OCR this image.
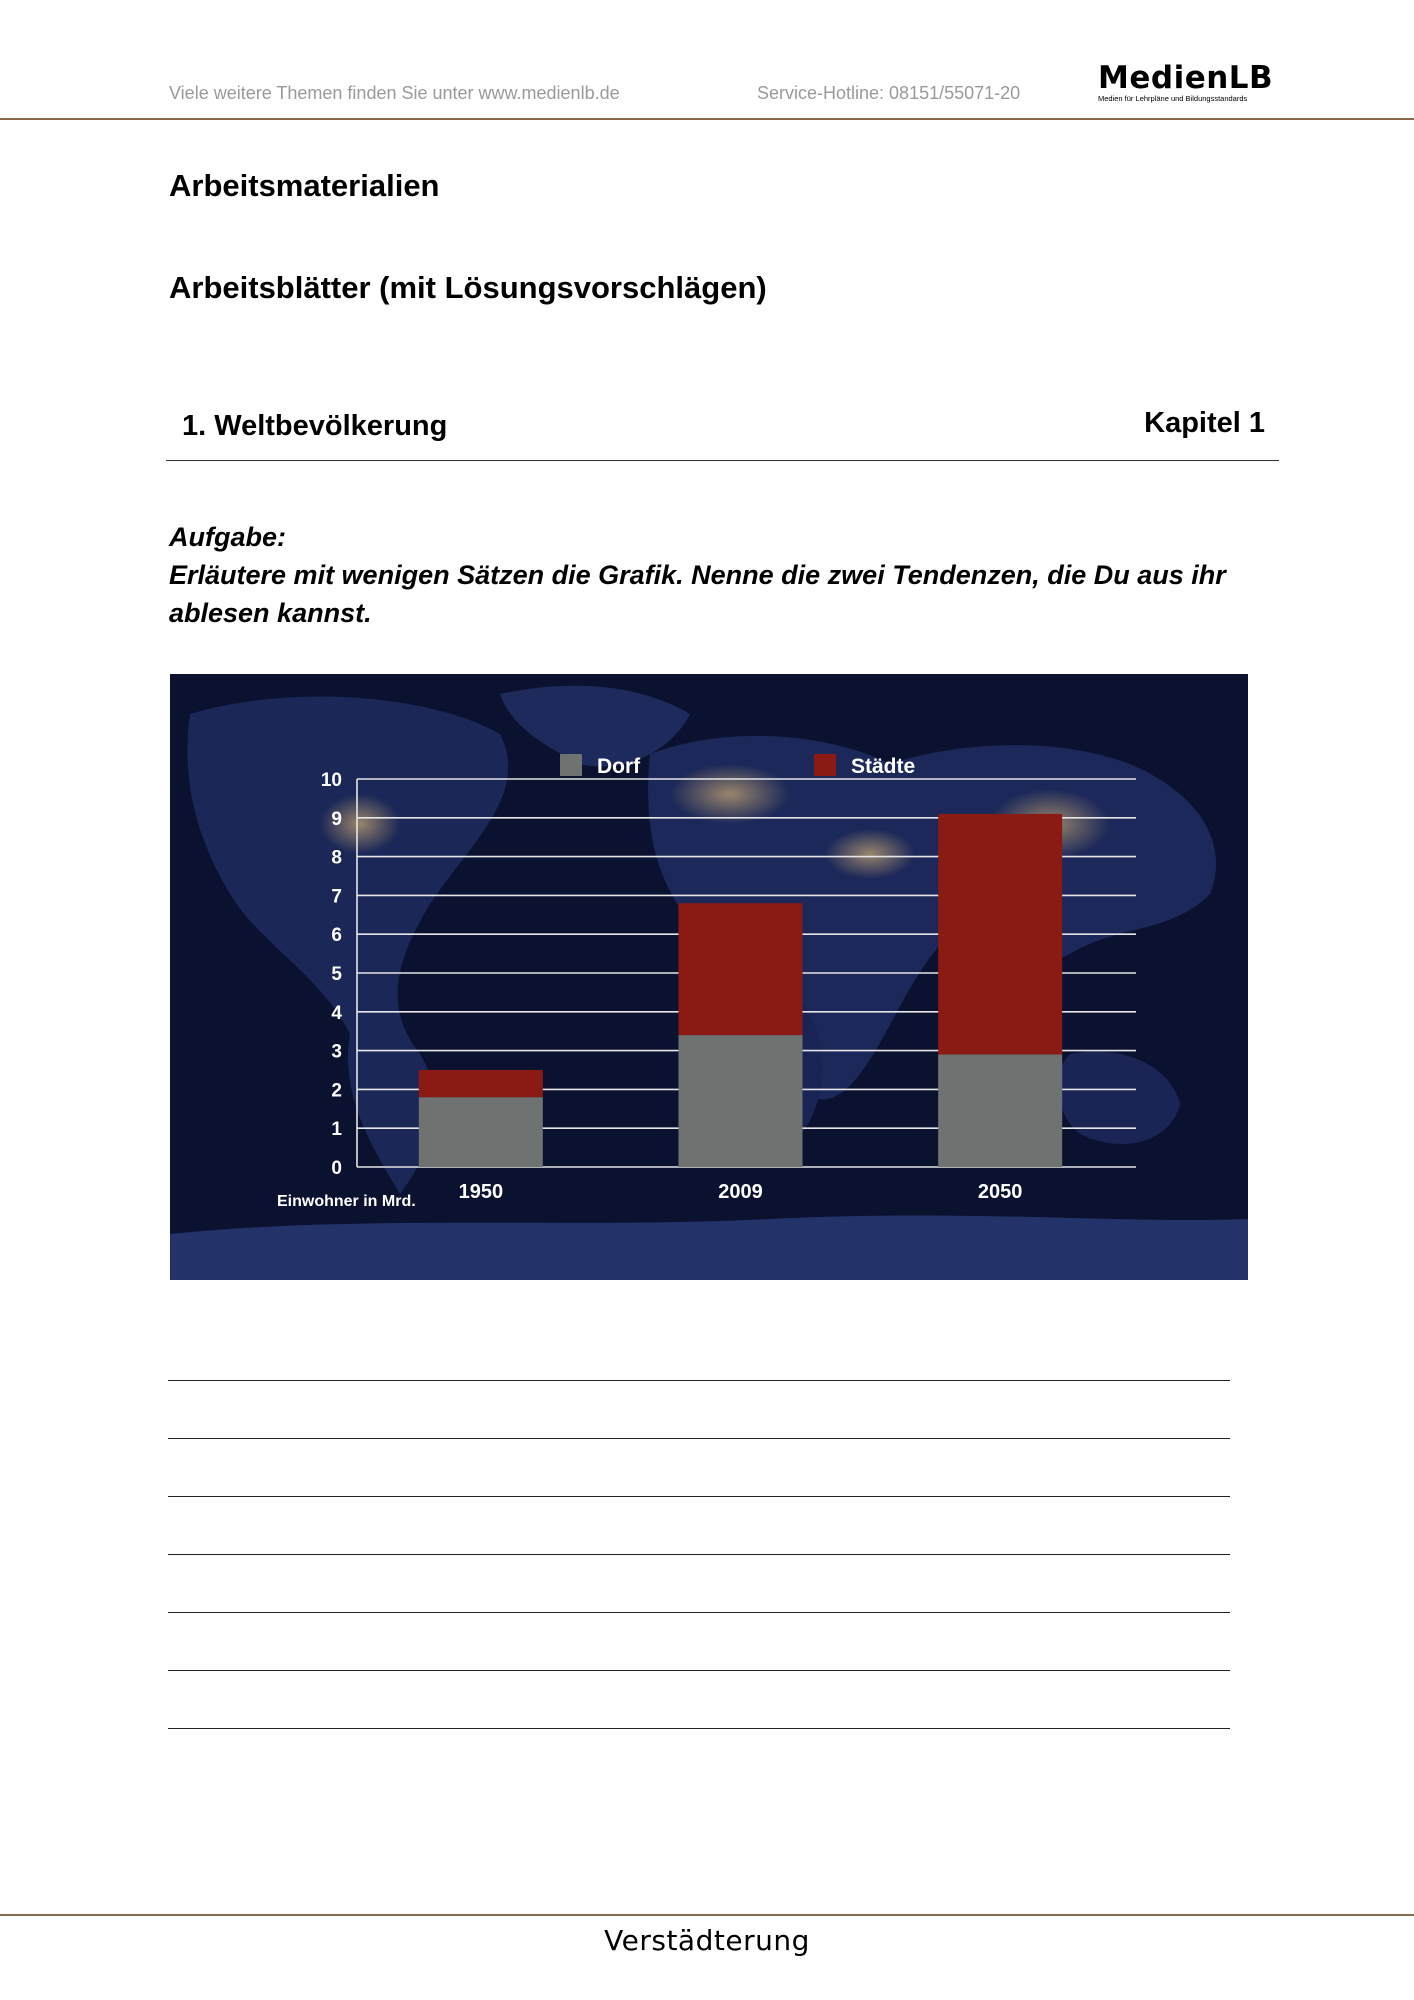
Viele weitere Themen finden Sie unter www.medienlb.de	Service-Hotline: 08151/55071-20	MedienLB
Medien für Lehrpläne und Bildungsstandards
Arbeitsmaterialien
Arbeitsblätter (mit Lösungsvorschlägen)
1. Weltbevölkerung	Kapitel 1
Aufgabe:
Erläutere mit wenigen Sätzen die Grafik. Nenne die zwei Tendenzen, die Du aus ihr ablesen kannst.
0
1
2
3
4
5
6
7
8
9
10
1950	2009	2050
Dorf	Städte
Einwohner in Mrd.
Verstädterung
